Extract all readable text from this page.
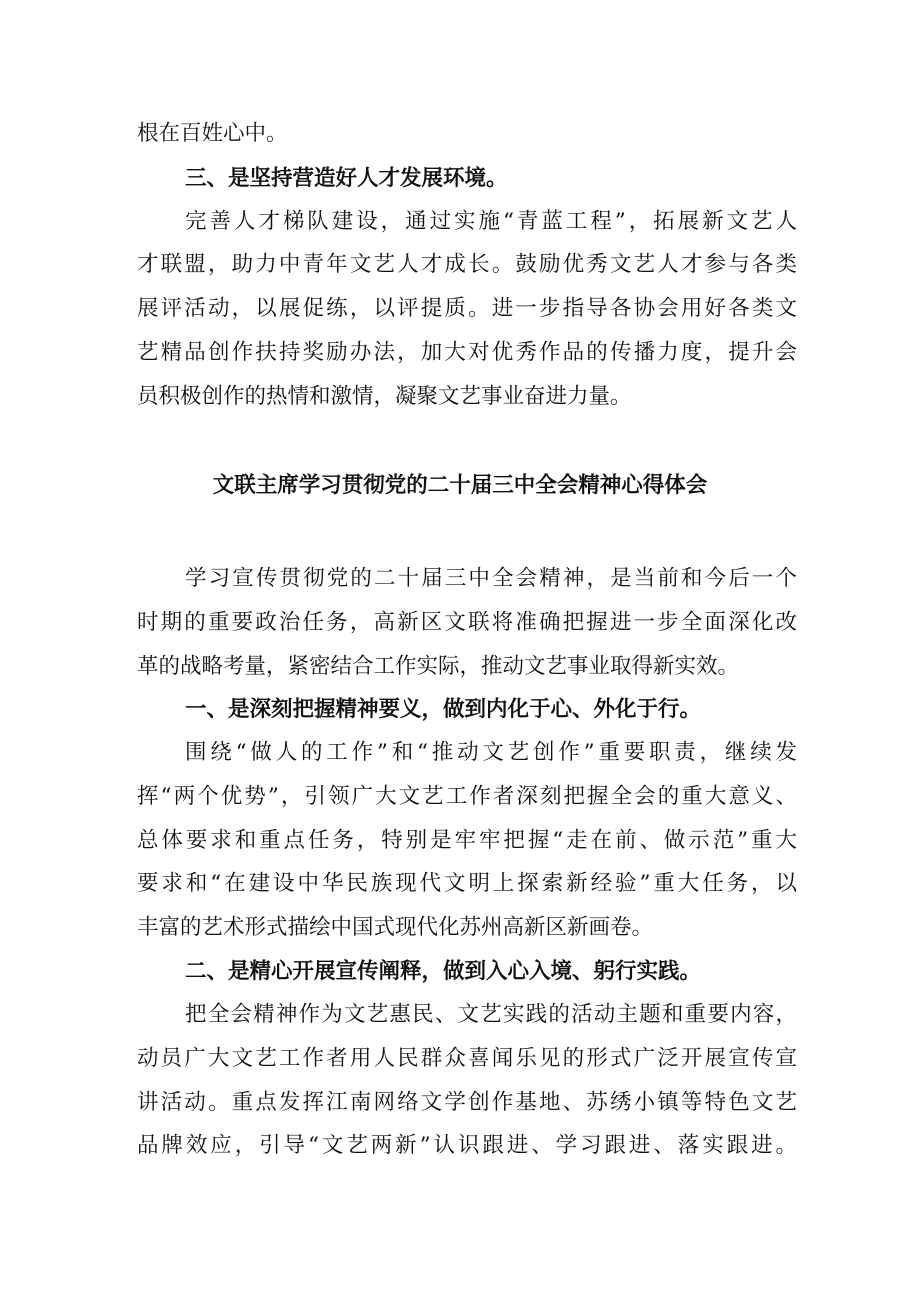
根在百姓心中。
三、是坚持营造好人才发展环境。
完善人才梯队建设，通过实施“青蓝工程”，拓展新文艺人
才联盟，助力中青年文艺人才成长。鼓励优秀文艺人才参与各类
展评活动，以展促练，以评提质。进一步指导各协会用好各类文
艺精品创作扶持奖励办法，加大对优秀作品的传播力度，提升会
员积极创作的热情和激情，凝聚文艺事业奋进力量。
文联主席学习贯彻党的二十届三中全会精神心得体会
学习宣传贯彻党的二十届三中全会精神，是当前和今后一个
时期的重要政治任务，高新区文联将准确把握进一步全面深化改
革的战略考量，紧密结合工作实际，推动文艺事业取得新实效。
一、是深刻把握精神要义，做到内化于心、外化于行。
围绕“做人的工作”和“推动文艺创作”重要职责，继续发
挥“两个优势”，引领广大文艺工作者深刻把握全会的重大意义、
总体要求和重点任务，特别是牢牢把握“走在前、做示范”重大
要求和“在建设中华民族现代文明上探索新经验”重大任务，以
丰富的艺术形式描绘中国式现代化苏州高新区新画卷。
二、是精心开展宣传阐释，做到入心入境、躬行实践。
把全会精神作为文艺惠民、文艺实践的活动主题和重要内容，
动员广大文艺工作者用人民群众喜闻乐见的形式广泛开展宣传宣
讲活动。重点发挥江南网络文学创作基地、苏绣小镇等特色文艺
品牌效应，引导“文艺两新”认识跟进、学习跟进、落实跟进。
